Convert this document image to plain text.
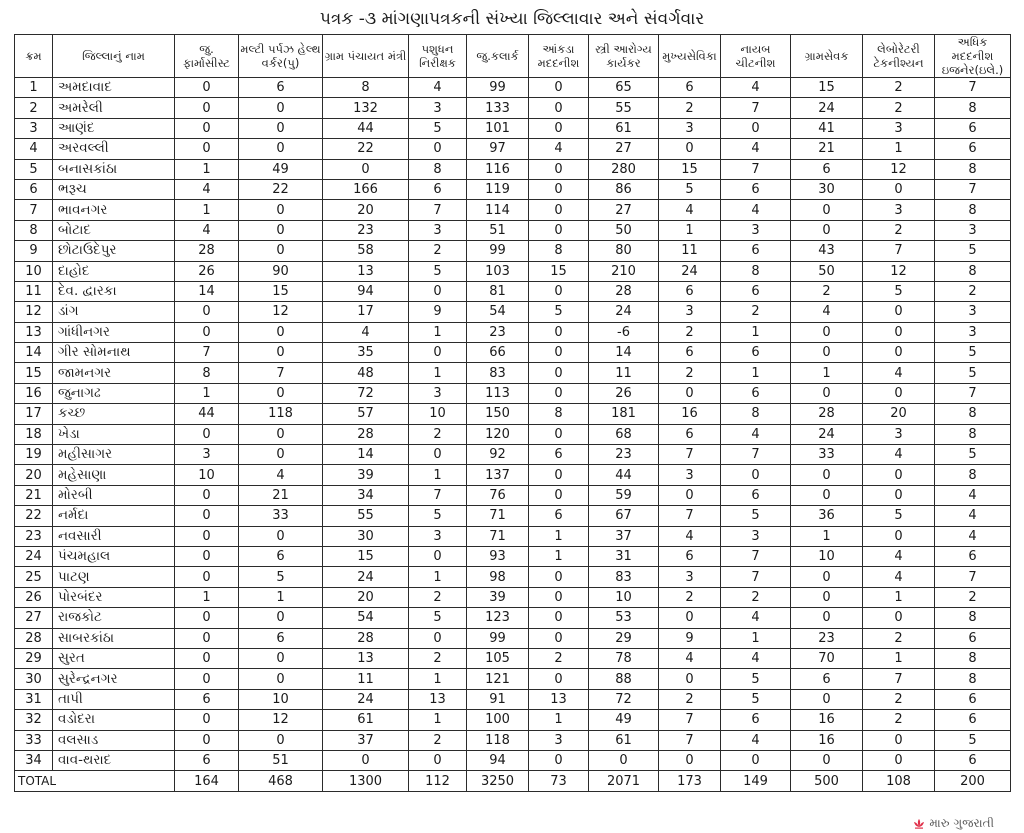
પત્રક -૩ માંગણાપત્રકની સંખ્યા જિલ્લાવાર અને સંવર્ગવાર
ક્રમ	જિલ્લાનું નામ	જુ. ફાર્માસીસ્ટ	મલ્ટી પર્પઝ હેલ્થ વર્કર(પુ)	ગ્રામ પંચાયત મંત્રી	પશુધન નિરીક્ષક	જુ.કલાર્ક	આંકડા મદદનીશ	સ્ત્રી આરોગ્ય કાર્યકર	મુખ્યસેવિકા	નાયબ ચીટનીશ	ગ્રામસેવક	લેબોરેટરી ટેકનીશ્યન	અધિક મદદનીશ ઇજનેર(ઇલે.)
1	અમદાવાદ	0	6	8	4	99	0	65	6	4	15	2	7
2	અમરેલી	0	0	132	3	133	0	55	2	7	24	2	8
3	આણંદ	0	0	44	5	101	0	61	3	0	41	3	6
4	અરવલ્લી	0	0	22	0	97	4	27	0	4	21	1	6
5	બનાસકાંઠા	1	49	0	8	116	0	280	15	7	6	12	8
6	ભરૂચ	4	22	166	6	119	0	86	5	6	30	0	7
7	ભાવનગર	1	0	20	7	114	0	27	4	4	0	3	8
8	બોટાદ	4	0	23	3	51	0	50	1	3	0	2	3
9	છોટાઉદેપુર	28	0	58	2	99	8	80	11	6	43	7	5
10	દાહોદ	26	90	13	5	103	15	210	24	8	50	12	8
11	દેવ. દ્વારકા	14	15	94	0	81	0	28	6	6	2	5	2
12	ડાંગ	0	12	17	9	54	5	24	3	2	4	0	3
13	ગાંધીનગર	0	0	4	1	23	0	-6	2	1	0	0	3
14	ગીર સોમનાથ	7	0	35	0	66	0	14	6	6	0	0	5
15	જામનગર	8	7	48	1	83	0	11	2	1	1	4	5
16	જુનાગઢ	1	0	72	3	113	0	26	0	6	0	0	7
17	કચ્છ	44	118	57	10	150	8	181	16	8	28	20	8
18	ખેડા	0	0	28	2	120	0	68	6	4	24	3	8
19	મહીસાગર	3	0	14	0	92	6	23	7	7	33	4	5
20	મહેસાણા	10	4	39	1	137	0	44	3	0	0	0	8
21	મોરબી	0	21	34	7	76	0	59	0	6	0	0	4
22	નર્મદા	0	33	55	5	71	6	67	7	5	36	5	4
23	નવસારી	0	0	30	3	71	1	37	4	3	1	0	4
24	પંચમહાલ	0	6	15	0	93	1	31	6	7	10	4	6
25	પાટણ	0	5	24	1	98	0	83	3	7	0	4	7
26	પોરબંદર	1	1	20	2	39	0	10	2	2	0	1	2
27	રાજકોટ	0	0	54	5	123	0	53	0	4	0	0	8
28	સાબરકાંઠા	0	6	28	0	99	0	29	9	1	23	2	6
29	સુરત	0	0	13	2	105	2	78	4	4	70	1	8
30	સુરેન્દ્રનગર	0	0	11	1	121	0	88	0	5	6	7	8
31	તાપી	6	10	24	13	91	13	72	2	5	0	2	6
32	વડોદરા	0	12	61	1	100	1	49	7	6	16	2	6
33	વલસાડ	0	0	37	2	118	3	61	7	4	16	0	5
34	વાવ-થરાદ	6	51	0	0	94	0	0	0	0	0	0	6
TOTAL		164	468	1300	112	3250	73	2071	173	149	500	108	200
મારુ ગુજરાતી
